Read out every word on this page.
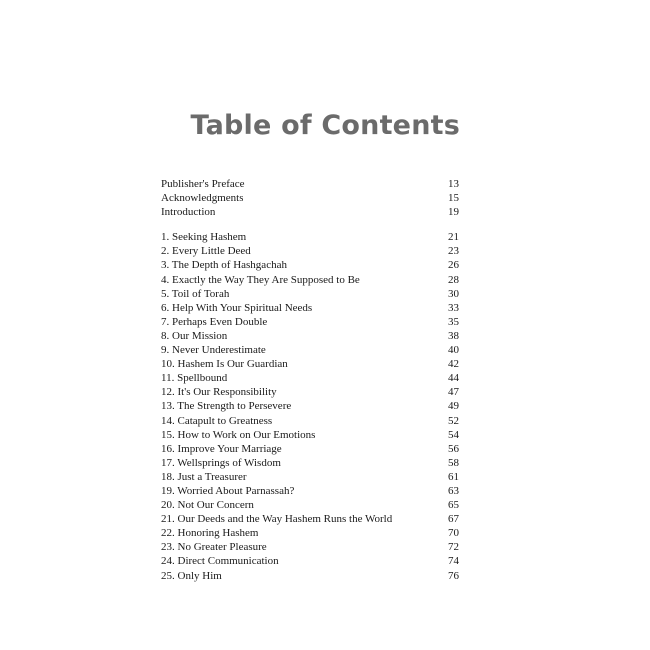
Table of Contents
Publisher's Preface	13
Acknowledgments	15
Introduction	19
1. Seeking Hashem	21
2. Every Little Deed	23
3. The Depth of Hashgachah	26
4. Exactly the Way They Are Supposed to Be	28
5. Toil of Torah	30
6. Help With Your Spiritual Needs	33
7. Perhaps Even Double	35
8. Our Mission	38
9. Never Underestimate	40
10. Hashem Is Our Guardian	42
11. Spellbound	44
12. It's Our Responsibility	47
13. The Strength to Persevere	49
14. Catapult to Greatness	52
15. How to Work on Our Emotions	54
16. Improve Your Marriage	56
17. Wellsprings of Wisdom	58
18. Just a Treasurer	61
19. Worried About Parnassah?	63
20. Not Our Concern	65
21. Our Deeds and the Way Hashem Runs the World	67
22. Honoring Hashem	70
23. No Greater Pleasure	72
24. Direct Communication	74
25. Only Him	76
